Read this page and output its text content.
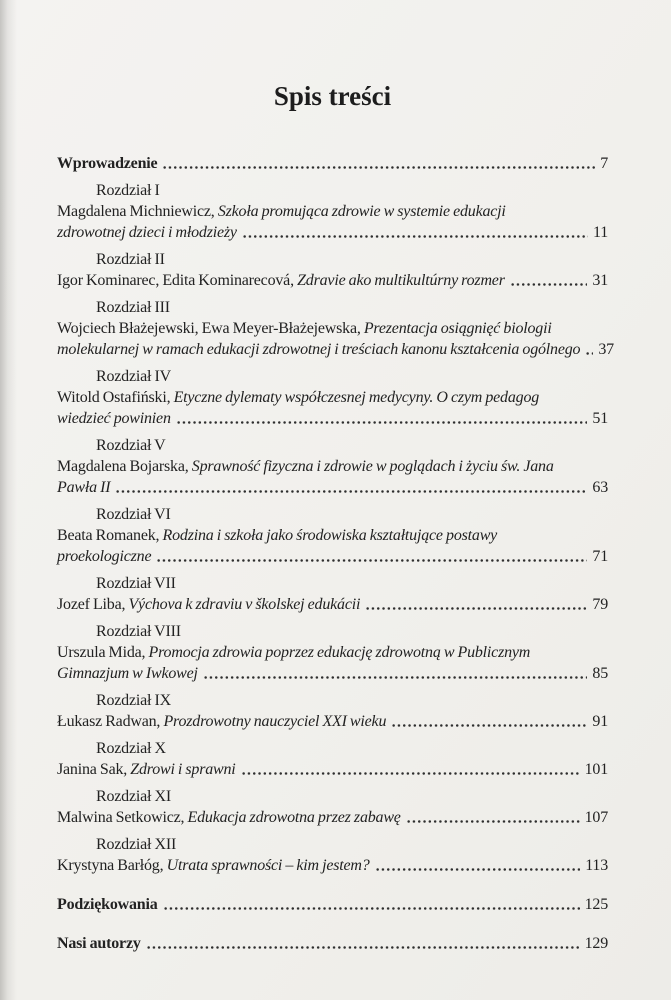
Spis treści
Wprowadzenie	7
Rozdział I
Magdalena Michniewicz, Szkoła promująca zdrowie w systemie edukacji
zdrowotnej dzieci i młodzieży	11
Rozdział II
Igor Kominarec, Edita Kominarecová, Zdravie ako multikultúrny rozmer	31
Rozdział III
Wojciech Błażejewski, Ewa Meyer-Błażejewska, Prezentacja osiągnięć biologii
molekularnej w ramach edukacji zdrowotnej i treściach kanonu kształcenia ogólnego 37
Rozdział IV
Witold Ostafiński, Etyczne dylematy współczesnej medycyny. O czym pedagog
wiedzieć powinien	51
Rozdział V
Magdalena Bojarska, Sprawność fizyczna i zdrowie w poglądach i życiu św. Jana
Pawła II	63
Rozdział VI
Beata Romanek, Rodzina i szkoła jako środowiska kształtujące postawy
proekologiczne	71
Rozdział VII
Jozef Liba, Výchova k zdraviu v školskej edukácii	79
Rozdział VIII
Urszula Mida, Promocja zdrowia poprzez edukację zdrowotną w Publicznym
Gimnazjum w Iwkowej	85
Rozdział IX
Łukasz Radwan, Prozdrowotny nauczyciel XXI wieku	91
Rozdział X
Janina Sak, Zdrowi i sprawni	101
Rozdział XI
Malwina Setkowicz, Edukacja zdrowotna przez zabawę	107
Rozdział XII
Krystyna Barłóg, Utrata sprawności – kim jestem?	113
Podziękowania	125
Nasi autorzy	129
